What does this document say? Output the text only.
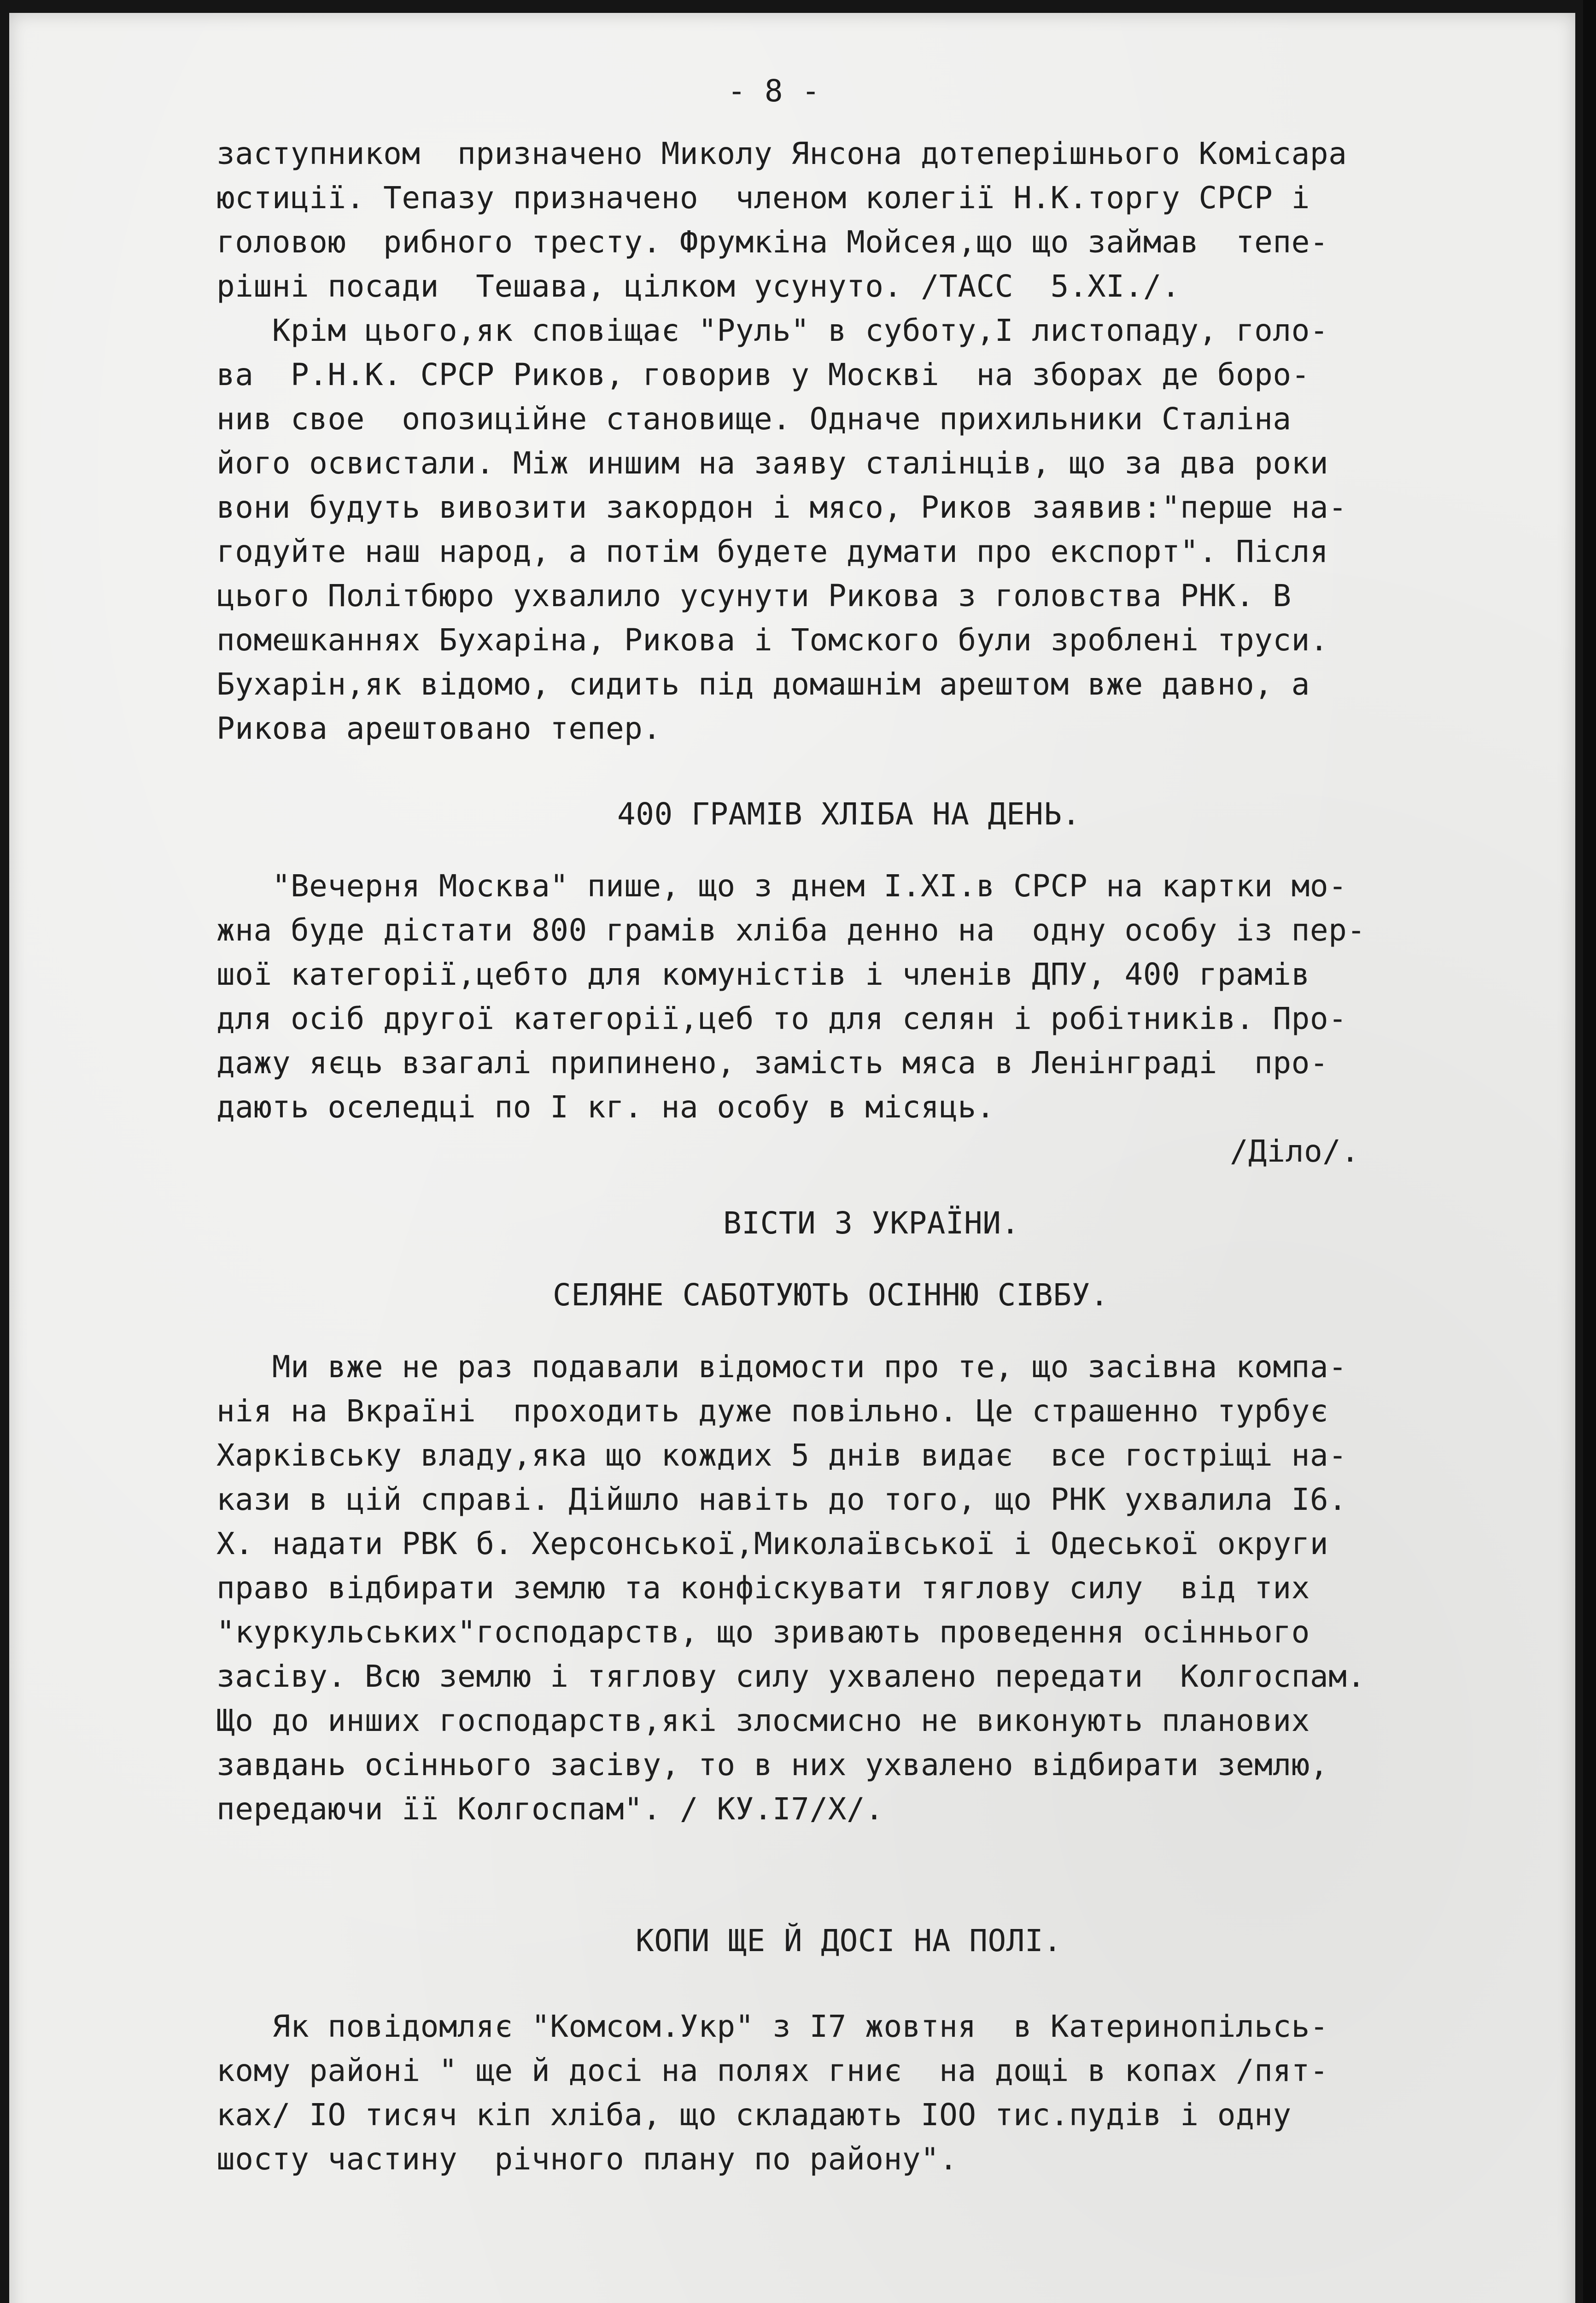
- 8 -
заступником  призначено Миколу Янсона дотеперішнього Комісара
юстиції. Тепазу призначено  членом колегії Н.К.торгу СРСР і
головою  рибного тресту. Фрумкіна Мойсея,що що займав  тепе-
рішні посади  Тешава, цілком усунуто. /ТАСС  5.XI./.
Крім цього,як сповіщає "Руль" в суботу,I листопаду, голо-
ва  Р.Н.К. СРСР Риков, говорив у Москві  на зборах де боро-
нив свое  опозиційне становище. Одначе прихильники Сталіна
його освистали. Між иншим на заяву сталінців, що за два роки
вони будуть вивозити закордон і мясо, Риков заявив:"перше на-
годуйте наш народ, а потім будете думати про експорт". Після
цього Політбюро ухвалило усунути Рикова з головства РНК. В
помешканнях Бухаріна, Рикова і Томского були зроблені труси.
Бухарін,як відомо, сидить під домашнім арештом вже давно, а
Рикова арештовано тепер.
400 ГРАМІВ ХЛІБА НА ДЕНЬ.
"Вечерня Москва" пише, що з днем I.XI.в СРСР на картки мо-
жна буде дістати 800 грамів хліба денно на  одну особу із пер-
шої категорії,цебто для комуністів і членів ДПУ, 400 грамів
для осіб другої категорії,цеб то для селян і робітників. Про-
дажу яєць взагалі припинено, замість мяса в Ленінграді  про-
дають оселедці по I кг. на особу в місяць.
/Діло/.
ВІСТИ З УКРАЇНИ.
СЕЛЯНЕ САБОТУЮТЬ ОСІННЮ СІВБУ.
Ми вже не раз подавали відомости про те, що засівна компа-
нія на Вкраїні  проходить дуже повільно. Це страшенно турбує
Харківську владу,яка що кождих 5 днів видає  все гостріщі на-
кази в цій справі. Дійшло навіть до того, що РНК ухвалила I6.
X. надати РВК б. Херсонської,Миколаївської і Одеської округи
право відбирати землю та конфіскувати тяглову силу  від тих
"куркульських"господарств, що зривають проведення осіннього
засіву. Всю землю і тяглову силу ухвалено передати  Колгоспам.
Що до инших господарств,які злосмисно не виконують планових
завдань осіннього засіву, то в них ухвалено відбирати землю,
передаючи її Колгоспам". / КУ.I7/X/.
КОПИ ЩЕ Й ДОСІ НА ПОЛІ.
Як повідомляє "Комсом.Укр" з I7 жовтня  в Катеринопільсь-
кому районі " ще й досі на полях гниє  на дощі в копах /пят-
ках/ IO тисяч кіп хліба, що складають IOO тис.пудів і одну
шосту частину  річного плану по району".
